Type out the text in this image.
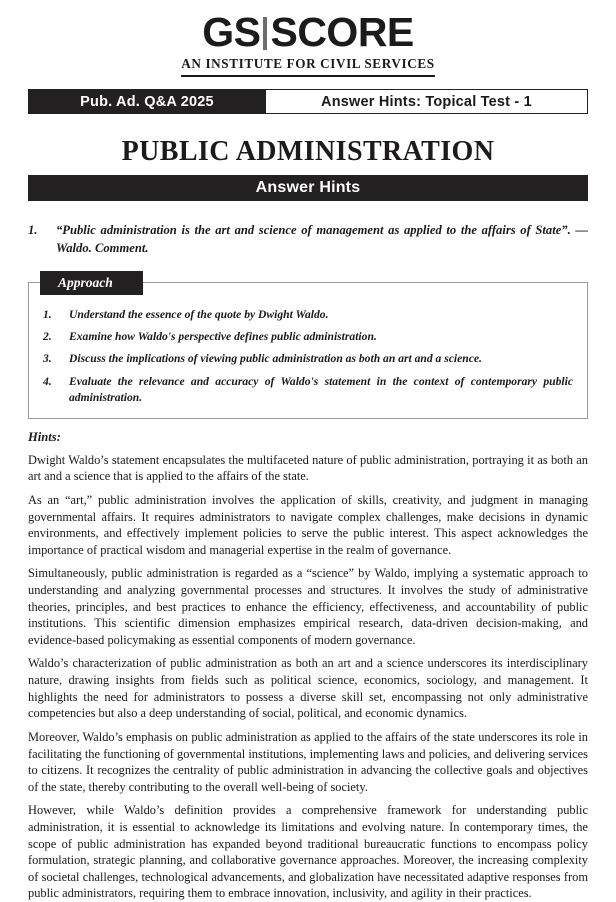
GS SCORE
AN INSTITUTE FOR CIVIL SERVICES
Pub. Ad. Q&A 2025	Answer Hints: Topical Test - 1
PUBLIC ADMINISTRATION
Answer Hints
1.	“Public administration is the art and science of management as applied to the affairs of State”. — Waldo. Comment.
Approach
1.	Understand the essence of the quote by Dwight Waldo.
2.	Examine how Waldo's perspective defines public administration.
3.	Discuss the implications of viewing public administration as both an art and a science.
4.	Evaluate the relevance and accuracy of Waldo's statement in the context of contemporary public administration.
Hints:

Dwight Waldo’s statement encapsulates the multifaceted nature of public administration, portraying it as both an art and a science that is applied to the affairs of the state.

As an “art,” public administration involves the application of skills, creativity, and judgment in managing governmental affairs. It requires administrators to navigate complex challenges, make decisions in dynamic environments, and effectively implement policies to serve the public interest. This aspect acknowledges the importance of practical wisdom and managerial expertise in the realm of governance.

Simultaneously, public administration is regarded as a “science” by Waldo, implying a systematic approach to understanding and analyzing governmental processes and structures. It involves the study of administrative theories, principles, and best practices to enhance the efficiency, effectiveness, and accountability of public institutions. This scientific dimension emphasizes empirical research, data-driven decision-making, and evidence-based policymaking as essential components of modern governance.

Waldo’s characterization of public administration as both an art and a science underscores its interdisciplinary nature, drawing insights from fields such as political science, economics, sociology, and management. It highlights the need for administrators to possess a diverse skill set, encompassing not only administrative competencies but also a deep understanding of social, political, and economic dynamics.

Moreover, Waldo’s emphasis on public administration as applied to the affairs of the state underscores its role in facilitating the functioning of governmental institutions, implementing laws and policies, and delivering services to citizens. It recognizes the centrality of public administration in advancing the collective goals and objectives of the state, thereby contributing to the overall well-being of society.

However, while Waldo’s definition provides a comprehensive framework for understanding public administration, it is essential to acknowledge its limitations and evolving nature. In contemporary times, the scope of public administration has expanded beyond traditional bureaucratic functions to encompass policy formulation, strategic planning, and collaborative governance approaches. Moreover, the increasing complexity of societal challenges, technological advancements, and globalization have necessitated adaptive responses from public administrators, requiring them to embrace innovation, inclusivity, and agility in their practices.
